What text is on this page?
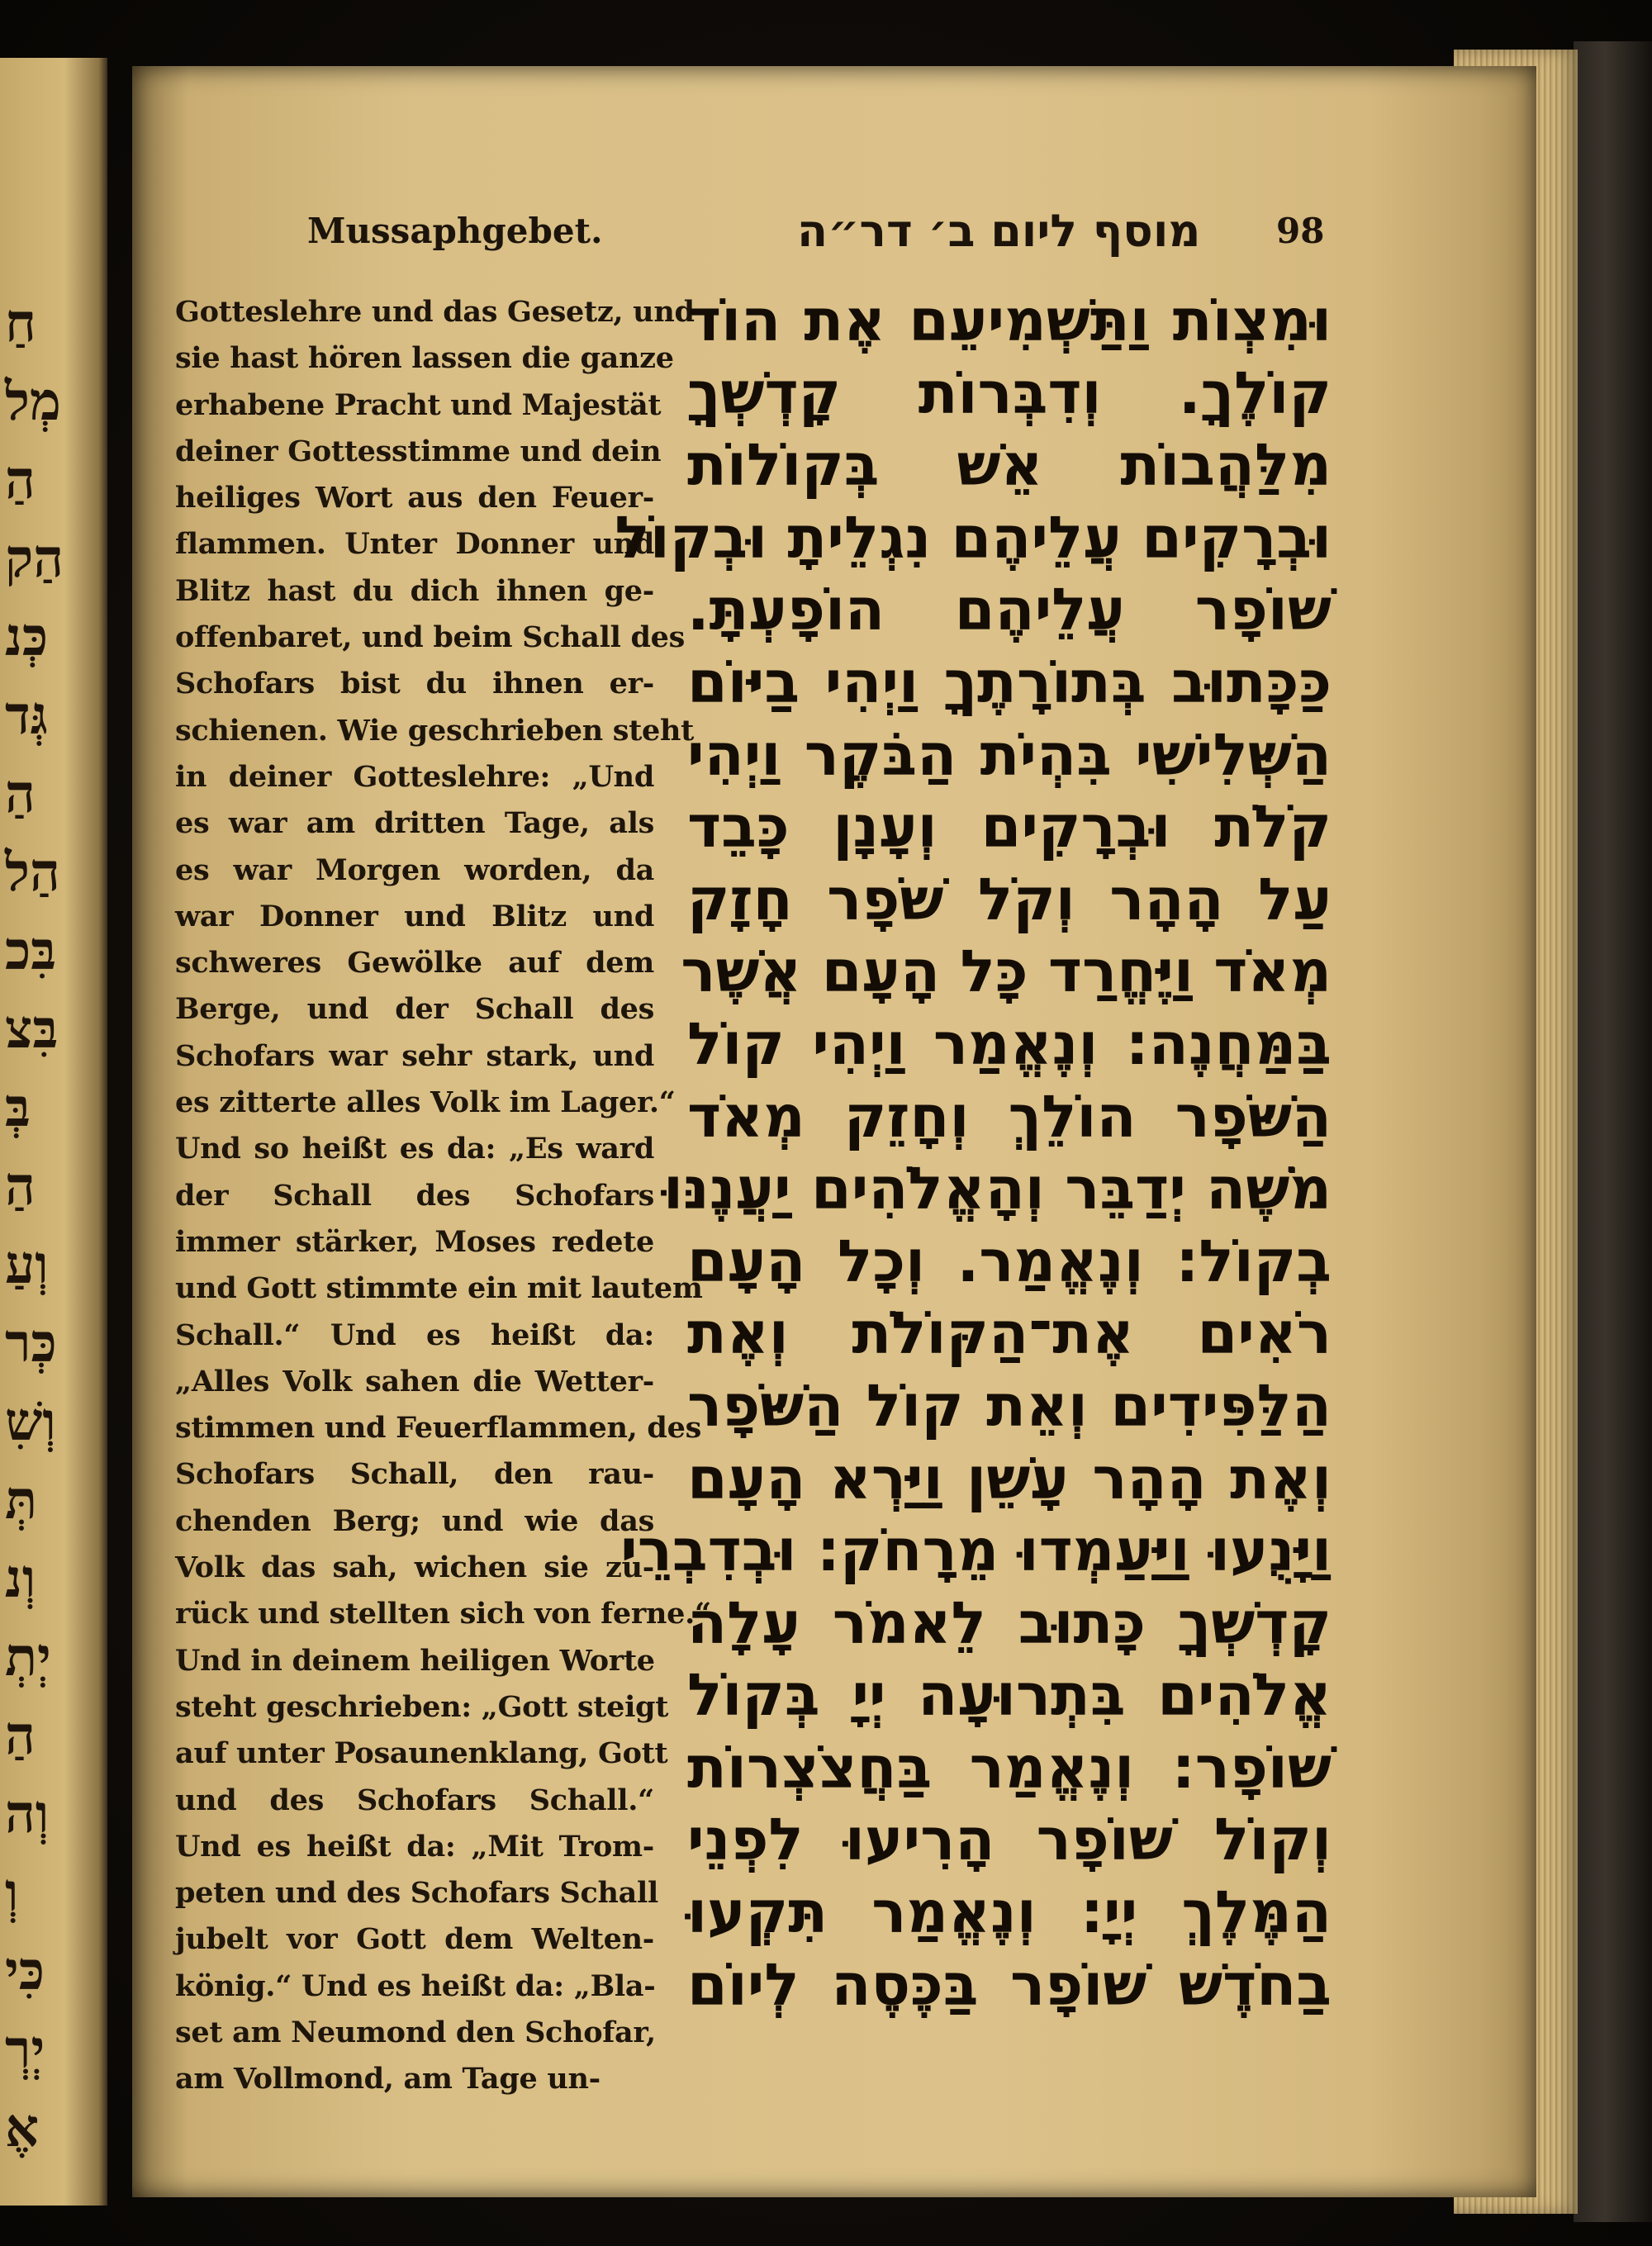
חַ
מְל
הַ
הַק
כְּנ
גְּד
הַ
הַל
בִּכ
בִּצ
בְּ
הַ
וְעַ
כְּר
וְשִׁ
תְּ
וְנ
יְתְ
הַ
וְה
וְ
כִּי
יְרְ
אֶ
Mussaphgebet.	מוסף ליום ב׳ דר״ה 98
Gotteslehre und das Gesetz, und
sie hast hören lassen die ganze
erhabene Pracht und Majestät
deiner Gottesstimme und dein
heiliges Wort aus den Feuer-
flammen. Unter Donner und
Blitz hast du dich ihnen ge-
offenbaret, und beim Schall des
Schofars bist du ihnen er-
schienen. Wie geschrieben steht
in deiner Gotteslehre: „Und
es war am dritten Tage, als
es war Morgen worden, da
war Donner und Blitz und
schweres Gewölke auf dem
Berge, und der Schall des
Schofars war sehr stark, und
es zitterte alles Volk im Lager.“
Und so heißt es da: „Es ward
der Schall des Schofars
immer stärker, Moses redete
und Gott stimmte ein mit lautem
Schall.“ Und es heißt da:
„Alles Volk sahen die Wetter-
stimmen und Feuerflammen, des
Schofars Schall, den rau-
chenden Berg; und wie das
Volk das sah, wichen sie zu-
rück und stellten sich von ferne.“
Und in deinem heiligen Worte
steht geschrieben: „Gott steigt
auf unter Posaunenklang, Gott
und des Schofars Schall.“
Und es heißt da: „Mit Trom-
peten und des Schofars Schall
jubelt vor Gott dem Welten-
könig.“ Und es heißt da: „Bla-
set am Neumond den Schofar,
am Vollmond, am Tage un-
וּמִצְוֹת וַתַּשְׁמִיעֵם אֶת הוֹד
קוֹלֶךָ. וְדִבְּרוֹת קָדְשְׁךָ
מִלַּהֲבוֹת אֵשׁ בְּקוֹלוֹת
וּבְרָקִים עֲלֵיהֶם נִגְלֵיתָ וּבְקוֹל
שׁוֹפָר עֲלֵיהֶם הוֹפָעְתָּ.
כַּכָּתוּב בְּתוֹרָתֶךָ וַיְהִי בַיּוֹם
הַשְּׁלִישִׁי בִּהְיֹת הַבֹּקֶר וַיְהִי
קֹלֹת וּבְרָקִים וְעָנָן כָּבֵד
עַל הָהָר וְקֹל שֹׁפָר חָזָק
מְאֹד וַיֶּחֱרַד כָּל הָעָם אֲשֶׁר
בַּמַּחֲנֶה: וְנֶאֱמַר וַיְהִי קוֹל
הַשֹּׁפָר הוֹלֵךְ וְחָזֵק מְאֹד
מֹשֶׁה יְדַבֵּר וְהָאֱלֹהִים יַעֲנֶנּוּ
בְקוֹל: וְנֶאֱמַר. וְכָל הָעָם
רֹאִים אֶת־הַקּוֹלֹת וְאֶת
הַלַּפִּידִים וְאֵת קוֹל הַשֹּׁפָר
וְאֶת הָהָר עָשֵׁן וַיַּרְא הָעָם
וַיָּנֻעוּ וַיַּעַמְדוּ מֵרָחֹק: וּבְדִבְרֵי
קָדְשְׁךָ כָּתוּב לֵאמֹר עָלָה
אֱלֹהִים בִּתְרוּעָה יְיָ בְּקוֹל
שׁוֹפָר: וְנֶאֱמַר בַּחֲצֹצְרוֹת
וְקוֹל שׁוֹפָר הָרִיעוּ לִפְנֵי
הַמֶּלֶךְ יְיָ: וְנֶאֱמַר תִּקְעוּ
בַחֹדֶשׁ שׁוֹפָר בַּכֶּסֶה לְיוֹם
